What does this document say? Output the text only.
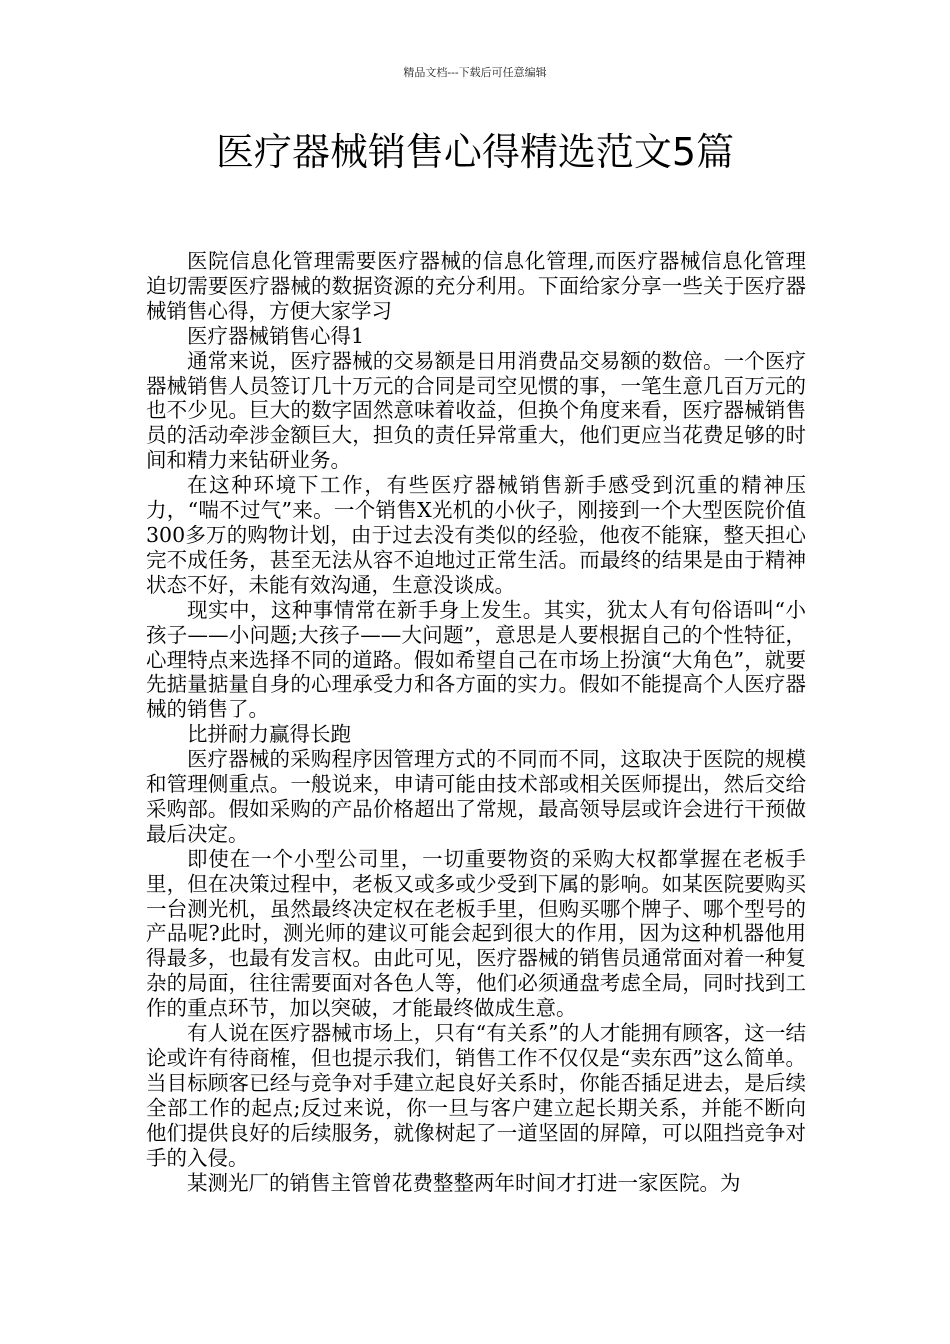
精品文档---下载后可任意编辑
医疗器械销售心得精选范文5篇

医院信息化管理需要医疗器械的信息化管理,而医疗器械信息化管理迫切需要医疗器械的数据资源的充分利用。下面给家分享一些关于医疗器械销售心得，方便大家学习

医疗器械销售心得1

通常来说，医疗器械的交易额是日用消费品交易额的数倍。一个医疗器械销售人员签订几十万元的合同是司空见惯的事，一笔生意几百万元的也不少见。巨大的数字固然意味着收益，但换个角度来看，医疗器械销售员的活动牵涉金额巨大，担负的责任异常重大，他们更应当花费足够的时间和精力来钻研业务。

在这种环境下工作，有些医疗器械销售新手感受到沉重的精神压力，“喘不过气”来。一个销售X光机的小伙子，刚接到一个大型医院价值300多万的购物计划，由于过去没有类似的经验，他夜不能寐，整天担心完不成任务，甚至无法从容不迫地过正常生活。而最终的结果是由于精神状态不好，未能有效沟通，生意没谈成。

现实中，这种事情常在新手身上发生。其实，犹太人有句俗语叫“小孩子——小问题;大孩子——大问题”，意思是人要根据自己的个性特征，心理特点来选择不同的道路。假如希望自己在市场上扮演“大角色”，就要先掂量掂量自身的心理承受力和各方面的实力。假如不能提高个人医疗器械的销售了。

比拼耐力赢得长跑

医疗器械的采购程序因管理方式的不同而不同，这取决于医院的规模和管理侧重点。一般说来，申请可能由技术部或相关医师提出，然后交给采购部。假如采购的产品价格超出了常规，最高领导层或许会进行干预做最后决定。

即使在一个小型公司里，一切重要物资的采购大权都掌握在老板手里，但在决策过程中，老板又或多或少受到下属的影响。如某医院要购买一台测光机，虽然最终决定权在老板手里，但购买哪个牌子、哪个型号的产品呢?此时，测光师的建议可能会起到很大的作用，因为这种机器他用得最多，也最有发言权。由此可见，医疗器械的销售员通常面对着一种复杂的局面，往往需要面对各色人等，他们必须通盘考虑全局，同时找到工作的重点环节，加以突破，才能最终做成生意。

有人说在医疗器械市场上，只有“有关系”的人才能拥有顾客，这一结论或许有待商榷，但也提示我们，销售工作不仅仅是“卖东西”这么简单。当目标顾客已经与竞争对手建立起良好关系时，你能否插足进去，是后续全部工作的起点;反过来说，你一旦与客户建立起长期关系，并能不断向他们提供良好的后续服务，就像树起了一道坚固的屏障，可以阻挡竞争对手的入侵。

某测光厂的销售主管曾花费整整两年时间才打进一家医院。为
